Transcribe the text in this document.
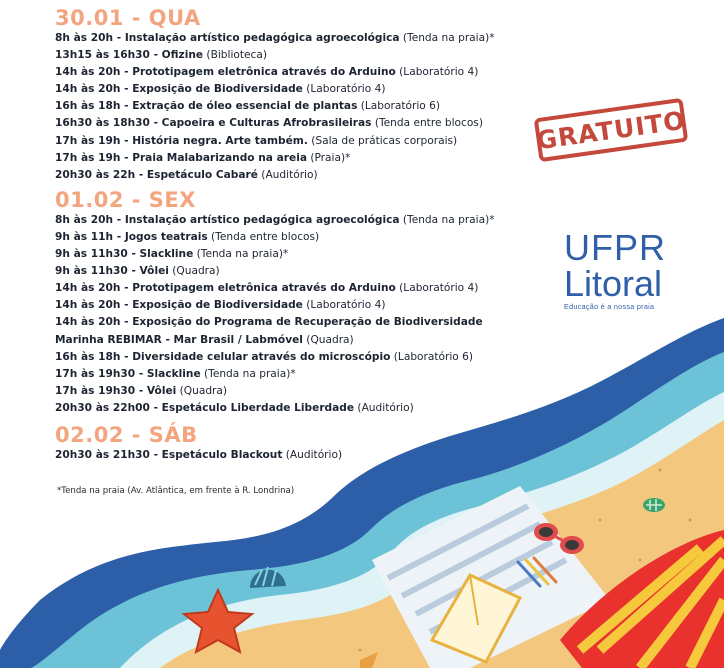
30.01 - QUA
8h às 20h - Instalação artístico pedagógica agroecológica (Tenda na praia)*
13h15 às 16h30 - Ofizine (Biblioteca)
14h às 20h - Prototipagem eletrônica através do Arduino (Laboratório 4)
14h às 20h - Exposição de Biodiversidade (Laboratório 4)
16h às 18h - Extração de óleo essencial de plantas (Laboratório 6)
16h30 às 18h30 - Capoeira e Culturas Afrobrasileiras (Tenda entre blocos)
17h às 19h - História negra. Arte também. (Sala de práticas corporais)
17h às 19h - Praia Malabarizando na areia (Praia)*
20h30 às 22h - Espetáculo Cabaré (Auditório)
01.02 - SEX
8h às 20h - Instalação artístico pedagógica agroecológica (Tenda na praia)*
9h às 11h - Jogos teatrais (Tenda entre blocos)
9h às 11h30 - Slackline (Tenda na praia)*
9h às 11h30 - Vôlei (Quadra)
14h às 20h - Prototipagem eletrônica através do Arduino (Laboratório 4)
14h às 20h - Exposição de Biodiversidade (Laboratório 4)
14h às 20h - Exposição do Programa de Recuperação de Biodiversidade
Marinha REBIMAR - Mar Brasil / Labmóvel (Quadra)
16h às 18h - Diversidade celular através do microscópio (Laboratório 6)
17h às 19h30 - Slackline (Tenda na praia)*
17h às 19h30 - Vôlei (Quadra)
20h30 às 22h00 - Espetáculo Liberdade Liberdade (Auditório)
02.02 - SÁB
20h30 às 21h30 - Espetáculo Blackout (Auditório)
*Tenda na praia (Av. Atlântica, em frente à R. Londrina)
GRATUITO
UFPR
Litoral
Educação é a nossa praia
